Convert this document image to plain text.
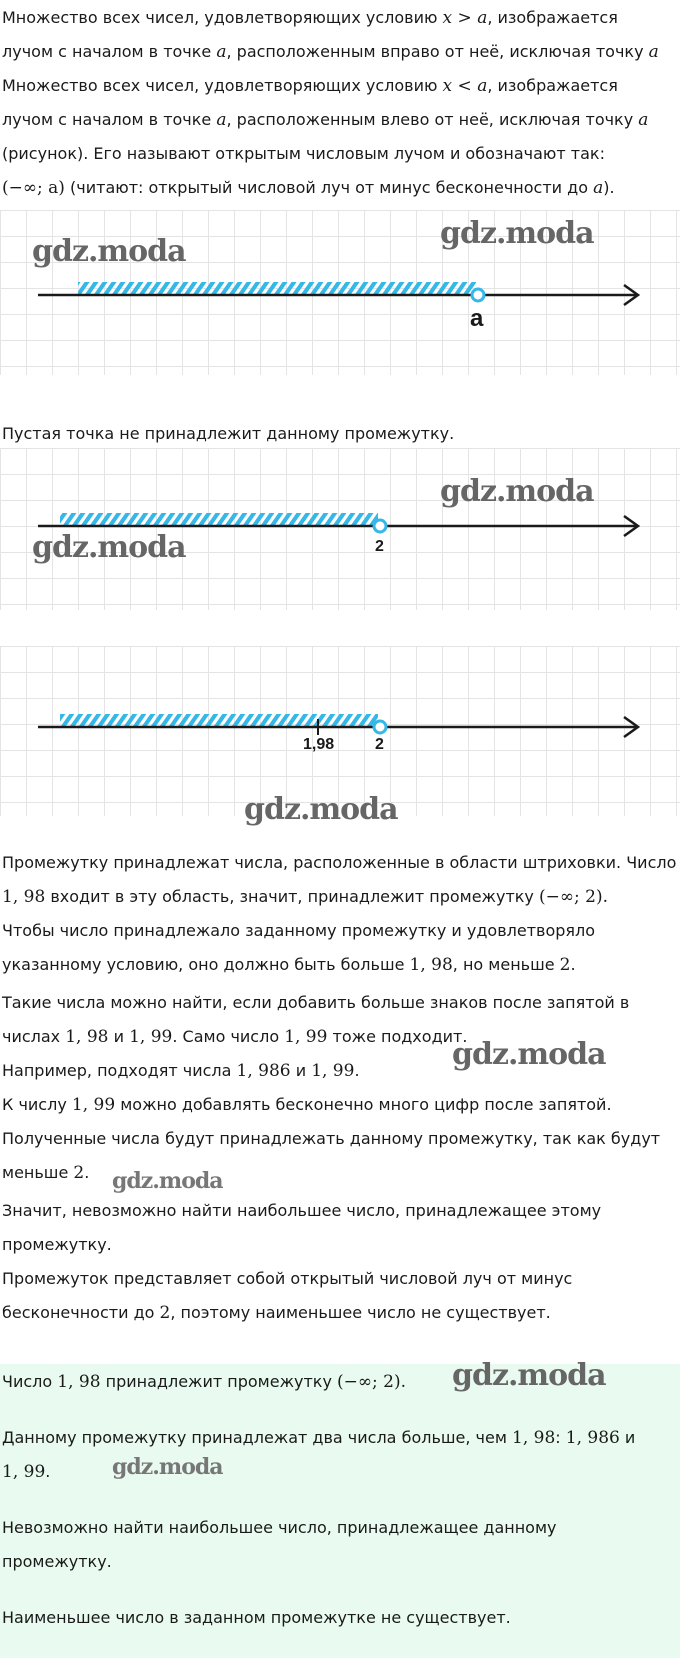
Множество всех чисел, удовлетворяющих условию x > a, изображается

лучом с началом в точке a, расположенным вправо от неё, исключая точку a

Множество всех чисел, удовлетворяющих условию x < a, изображается

лучом с началом в точке a, расположенным влево от неё, исключая точку a

(рисунок). Его называют открытым числовым лучом и обозначают так:

(−∞; a) (читают: открытый числовой луч от минус бесконечности до a).

a
gdz.moda
gdz.moda

Пустая точка не принадлежит данному промежутку.

2
gdz.moda
gdz.moda
1,98	2
gdz.moda

Промежутку принадлежат числа, расположенные в области штриховки. Число

1, 98 входит в эту область, значит, принадлежит промежутку (−∞; 2).

Чтобы число принадлежало заданному промежутку и удовлетворяло

указанному условию, оно должно быть больше 1, 98, но меньше 2.

Такие числа можно найти, если добавить больше знаков после запятой в

числах 1, 98 и 1, 99. Само число 1, 99 тоже подходит.

Например, подходят числа 1, 986 и 1, 99.

К числу 1, 99 можно добавлять бесконечно много цифр после запятой.

Полученные числа будут принадлежать данному промежутку, так как будут

меньше 2.

Значит, невозможно найти наибольшее число, принадлежащее этому

промежутку.

Промежуток представляет собой открытый числовой луч от минус

бесконечности до 2, поэтому наименьшее число не существует.

gdz.moda
gdz.moda

Число 1, 98 принадлежит промежутку (−∞; 2).

Данному промежутку принадлежат два числа больше, чем 1, 98: 1, 986 и

1, 99.

Невозможно найти наибольшее число, принадлежащее данному

промежутку.

Наименьшее число в заданном промежутке не существует.

gdz.moda
gdz.moda
